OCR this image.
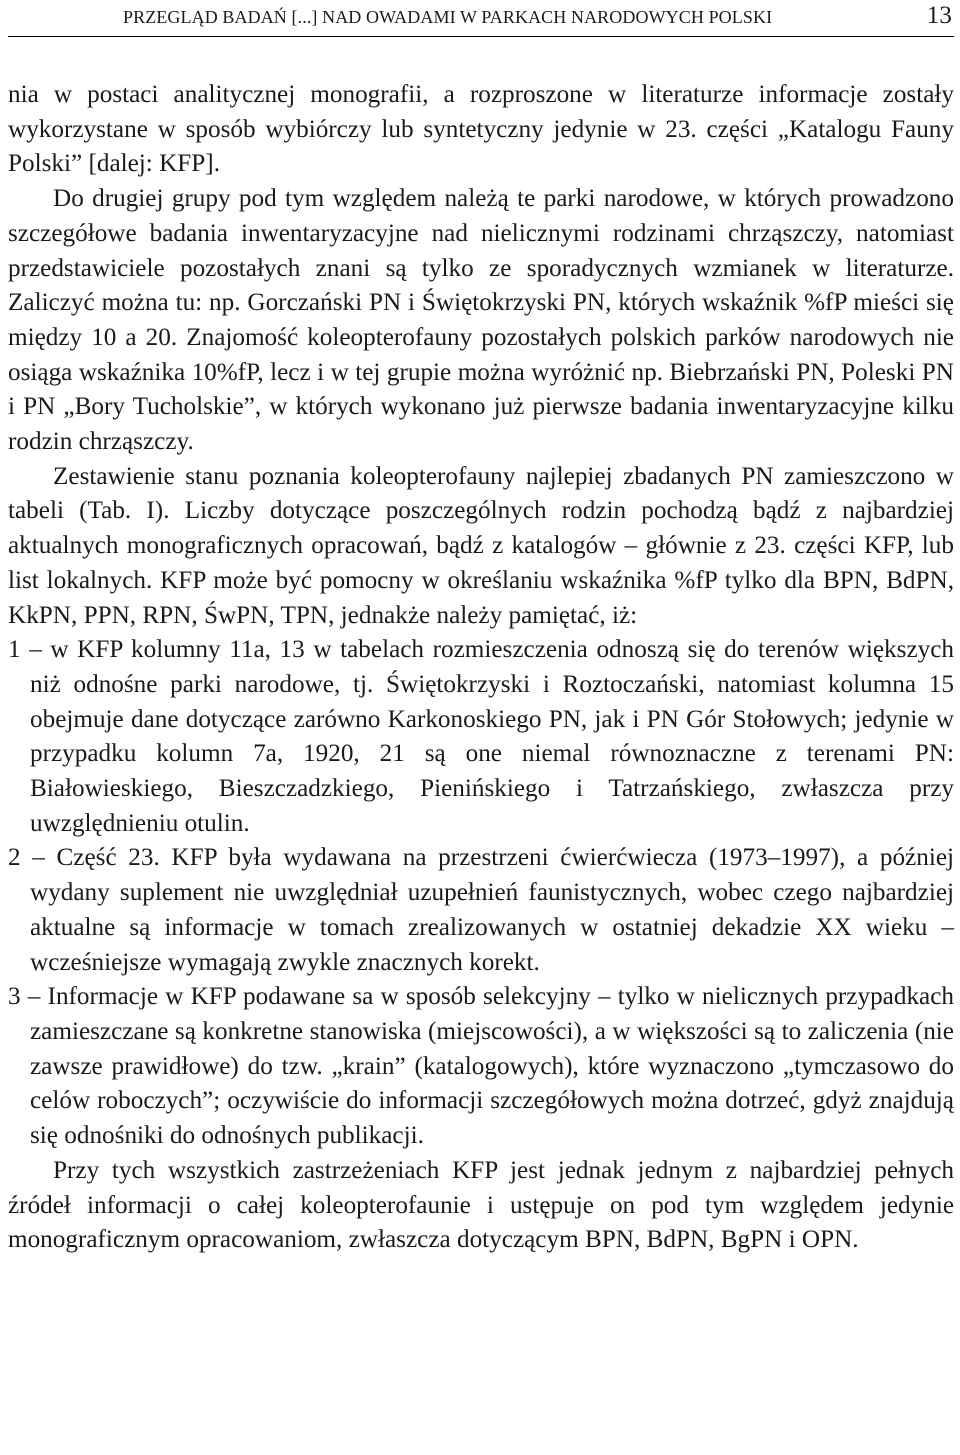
PRZEGLĄD BADAŃ [...] NAD OWADAMI W PARKACH NARODOWYCH POLSKI	13

nia w postaci analitycznej monografii, a rozproszone w literaturze informacje zostały wykorzystane w sposób wybiórczy lub syntetyczny jedynie w 23. części „Katalogu Fauny Polski” [dalej: KFP].

Do drugiej grupy pod tym względem należą te parki narodowe, w których prowadzono szczegółowe badania inwentaryzacyjne nad nielicznymi rodzinami chrząszczy, natomiast przedstawiciele pozostałych znani są tylko ze sporadycznych wzmianek w literaturze. Zaliczyć można tu: np. Gorczański PN i Świętokrzyski PN, których wskaźnik %fP mieści się między 10 a 20. Znajomość koleopterofauny pozostałych polskich parków narodowych nie osiąga wskaźnika 10%fP, lecz i w tej grupie można wyróżnić np. Biebrzański PN, Poleski PN i PN „Bory Tucholskie”, w których wykonano już pierwsze badania inwentaryzacyjne kilku rodzin chrząszczy.

Zestawienie stanu poznania koleopterofauny najlepiej zbadanych PN zamieszczono w tabeli (Tab. I). Liczby dotyczące poszczególnych rodzin pochodzą bądź z najbardziej aktualnych monograficznych opracowań, bądź z katalogów – głównie z 23. części KFP, lub list lokalnych. KFP może być pomocny w określaniu wskaźnika %fP tylko dla BPN, BdPN, KkPN, PPN, RPN, ŚwPN, TPN, jednakże należy pamiętać, iż:

1 – w KFP kolumny 11a, 13 w tabelach rozmieszczenia odnoszą się do terenów większych niż odnośne parki narodowe, tj. Świętokrzyski i Roztoczański, natomiast kolumna 15 obejmuje dane dotyczące zarówno Karkonoskiego PN, jak i PN Gór Stołowych; jedynie w przypadku kolumn 7a, 1920, 21 są one niemal równoznaczne z terenami PN: Białowieskiego, Bieszczadzkiego, Pienińskiego i Tatrzańskiego, zwłaszcza przy uwzględnieniu otulin.

2 – Część 23. KFP była wydawana na przestrzeni ćwierćwiecza (1973–1997), a później wydany suplement nie uwzględniał uzupełnień faunistycznych, wobec czego najbardziej aktualne są informacje w tomach zrealizowanych w ostatniej dekadzie XX wieku – wcześniejsze wymagają zwykle znacznych korekt.

3 – Informacje w KFP podawane sa w sposób selekcyjny – tylko w nielicznych przypadkach zamieszczane są konkretne stanowiska (miejscowości), a w większości są to zaliczenia (nie zawsze prawidłowe) do tzw. „krain” (katalogowych), które wyznaczono „tymczasowo do celów roboczych”; oczywiście do informacji szczegółowych można dotrzeć, gdyż znajdują się odnośniki do odnośnych publikacji.

Przy tych wszystkich zastrzeżeniach KFP jest jednak jednym z najbardziej pełnych źródeł informacji o całej koleopterofaunie i ustępuje on pod tym względem jedynie monograficznym opracowaniom, zwłaszcza dotyczącym BPN, BdPN, BgPN i OPN.
